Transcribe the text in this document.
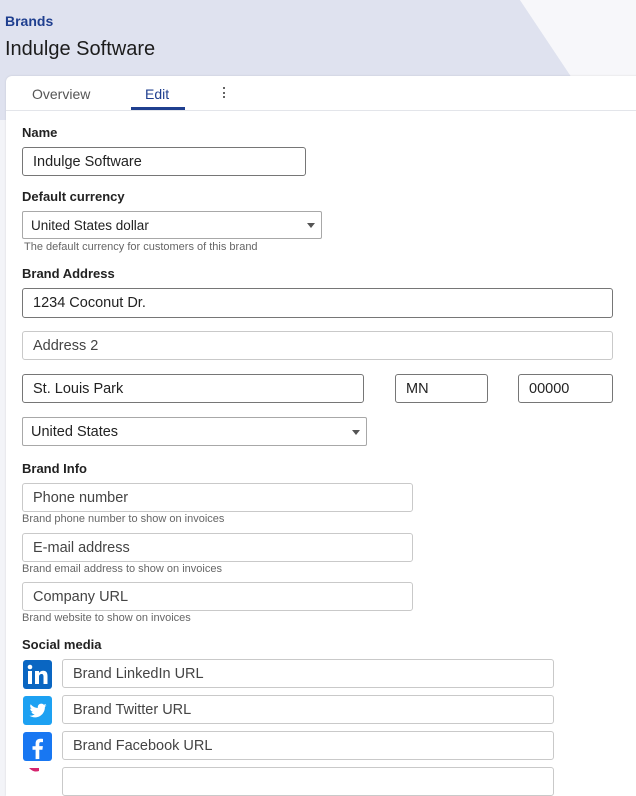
Brands
Indulge Software
Overview	Edit
Name
Indulge Software
Default currency
United States dollar
The default currency for customers of this brand
Brand Address
1234 Coconut Dr.
Address 2
St. Louis Park
MN
00000
United States
Brand Info
Phone number
Brand phone number to show on invoices
E-mail address
Brand email address to show on invoices
Company URL
Brand website to show on invoices
Social media
Brand LinkedIn URL
Brand Twitter URL
Brand Facebook URL
